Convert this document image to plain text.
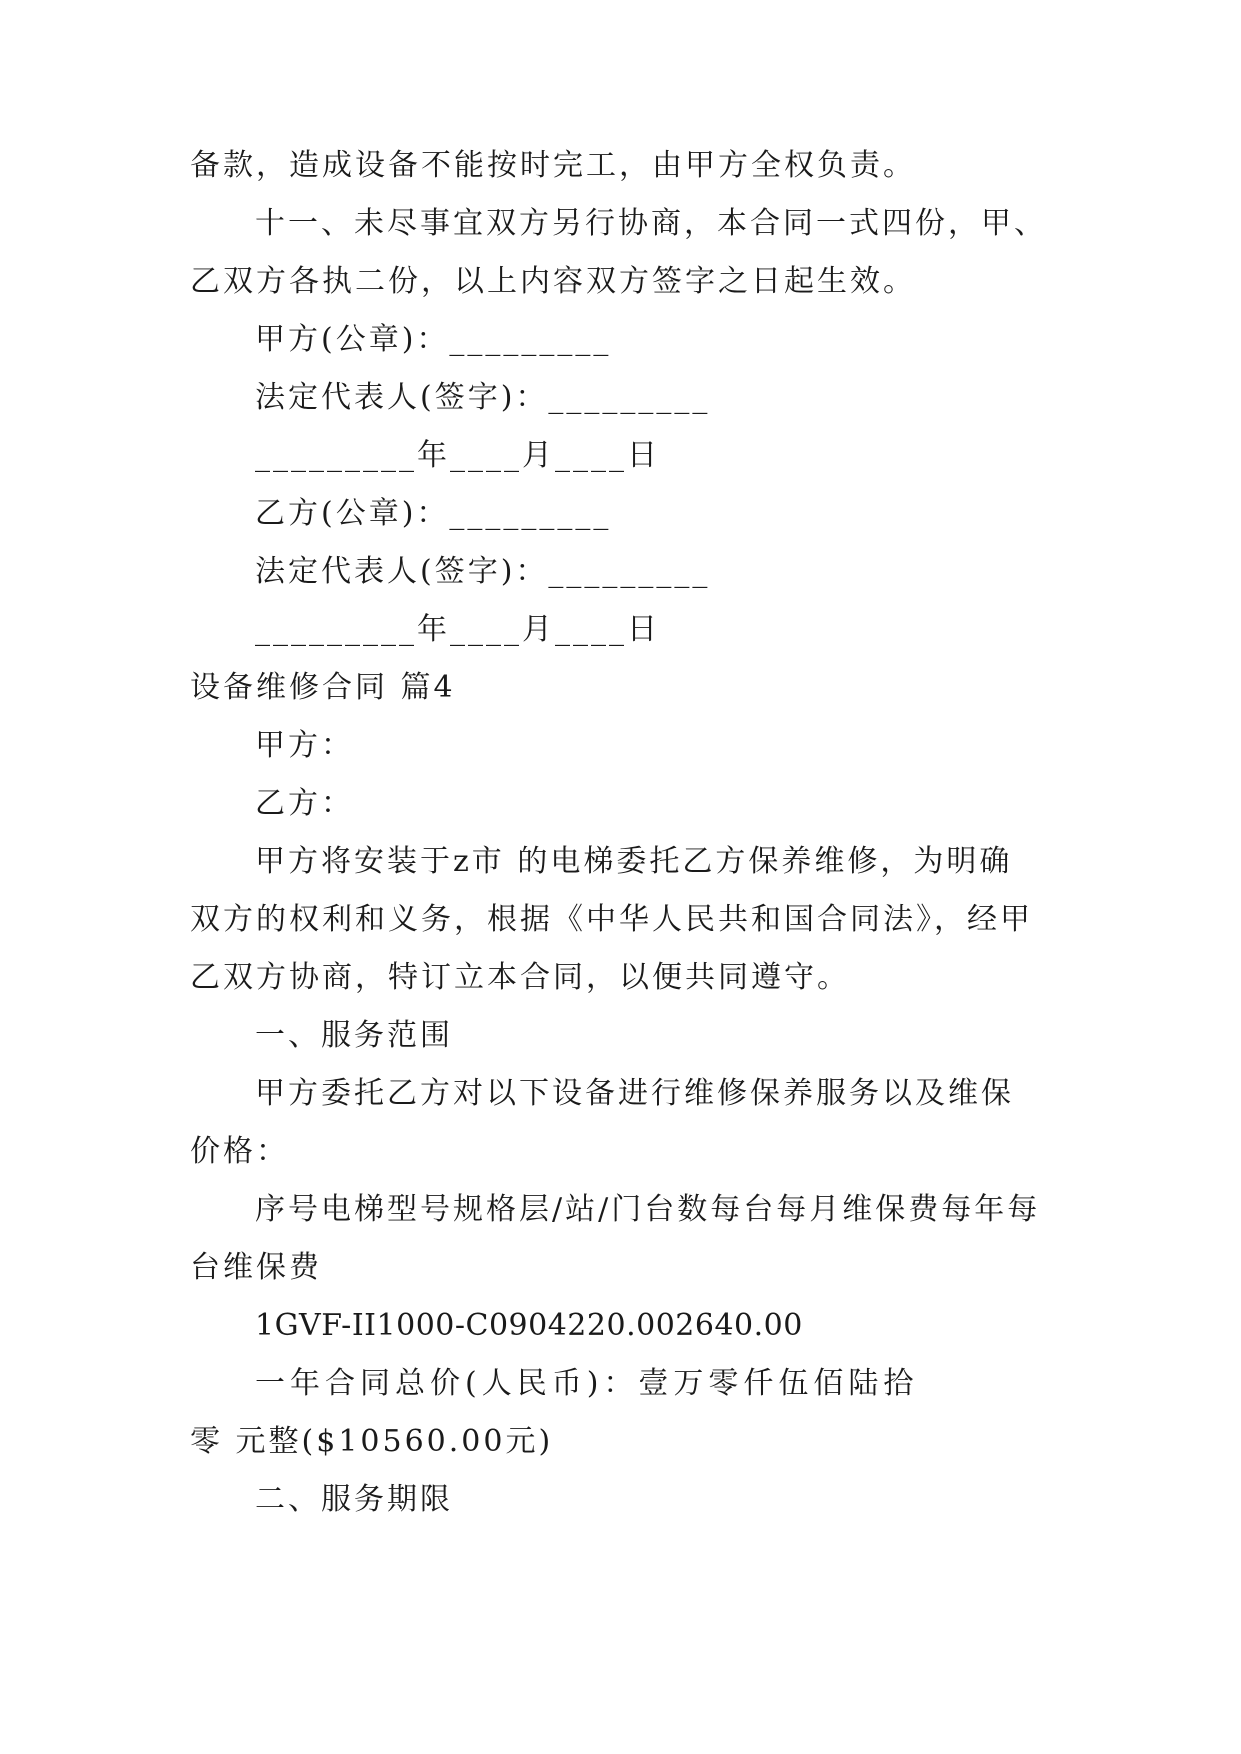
备款，造成设备不能按时完工，由甲方全权负责。
十一、未尽事宜双方另行协商，本合同一式四份，甲、
乙双方各执二份，以上内容双方签字之日起生效。
甲方(公章)：_________
法定代表人(签字)：_________
_________年____月____日
乙方(公章)：_________
法定代表人(签字)：_________
_________年____月____日
设备维修合同 篇4
甲方：
乙方：
甲方将安装于z市 的电梯委托乙方保养维修，为明确
双方的权利和义务，根据《中华人民共和国合同法》，经甲
乙双方协商，特订立本合同，以便共同遵守。
一、服务范围
甲方委托乙方对以下设备进行维修保养服务以及维保
价格：
序号电梯型号规格层/站/门台数每台每月维保费每年每
台维保费
1GVF-II1000-C0904220.002640.00
一年合同总价(人民币)：壹万零仟伍佰陆拾
零 元整($10560.00元)
二、服务期限
